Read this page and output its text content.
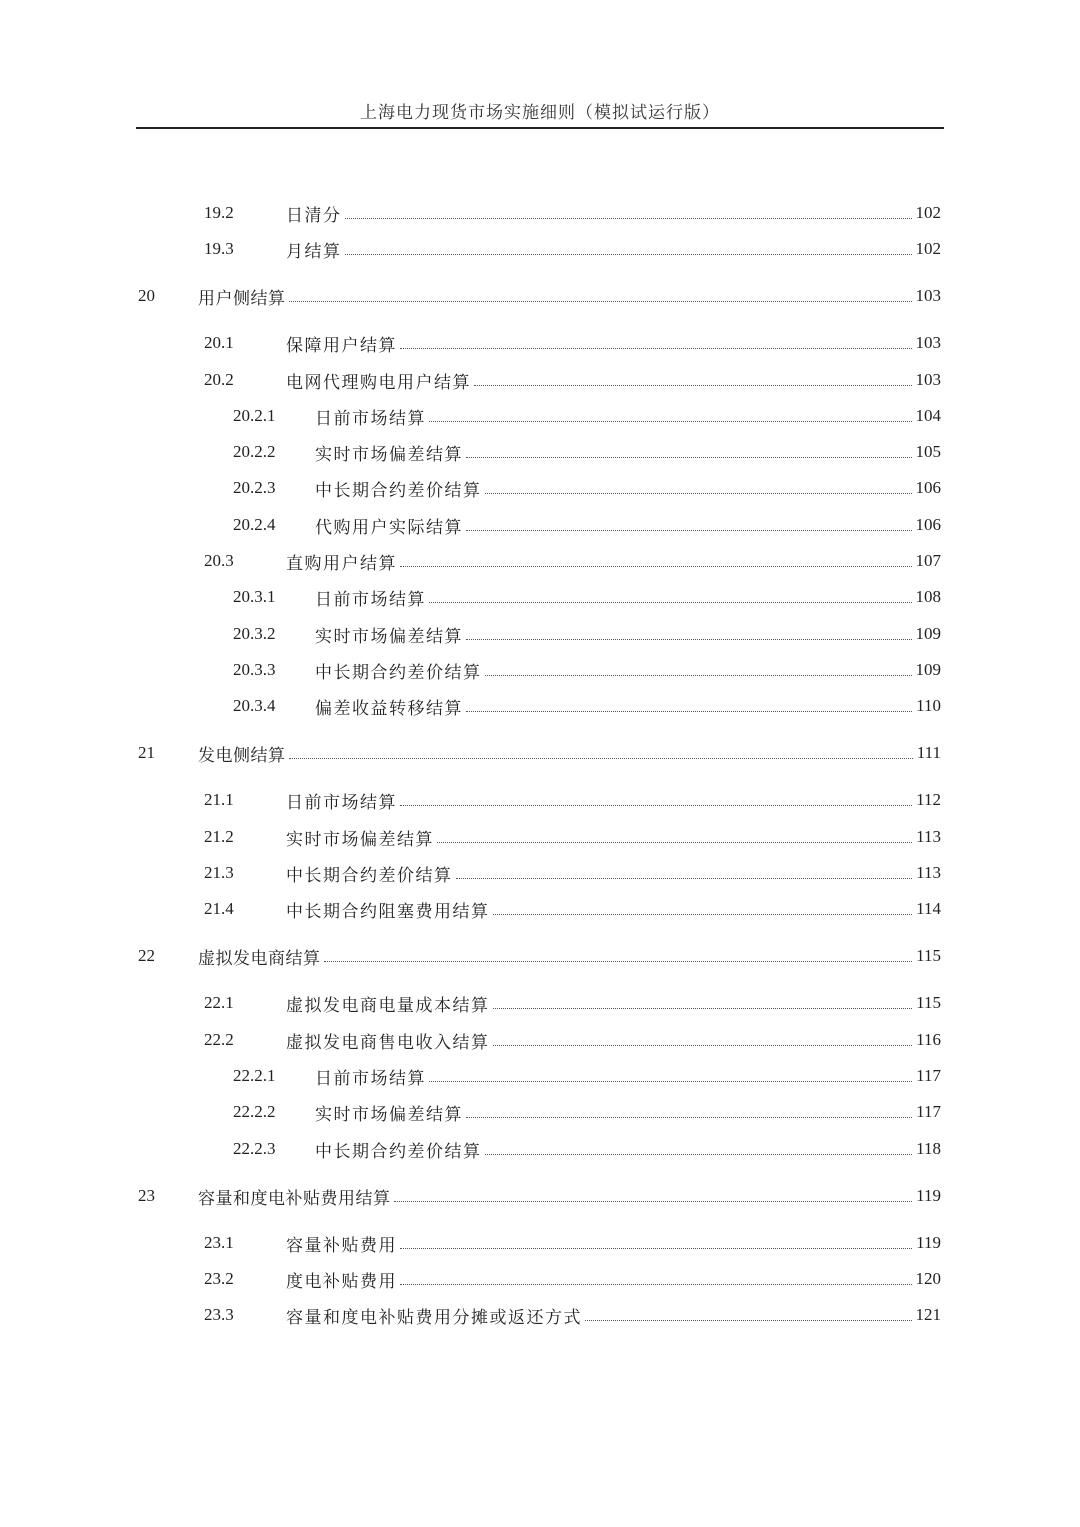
上海电力现货市场实施细则（模拟试运行版）
19.2	日清分	102
19.3	月结算	102
20	用户侧结算	103
20.1	保障用户结算	103
20.2	电网代理购电用户结算	103
20.2.1 日前市场结算	104
20.2.2 实时市场偏差结算	105
20.2.3 中长期合约差价结算	106
20.2.4 代购用户实际结算	106
20.3	直购用户结算	107
20.3.1 日前市场结算	108
20.3.2 实时市场偏差结算	109
20.3.3 中长期合约差价结算	109
20.3.4 偏差收益转移结算	110
21	发电侧结算	111
21.1	日前市场结算	112
21.2	实时市场偏差结算	113
21.3	中长期合约差价结算	113
21.4	中长期合约阻塞费用结算	114
22	虚拟发电商结算	115
22.1	虚拟发电商电量成本结算	115
22.2	虚拟发电商售电收入结算	116
22.2.1 日前市场结算	117
22.2.2 实时市场偏差结算	117
22.2.3 中长期合约差价结算	118
23	容量和度电补贴费用结算	119
23.1	容量补贴费用	119
23.2	度电补贴费用	120
23.3	容量和度电补贴费用分摊或返还方式	121
